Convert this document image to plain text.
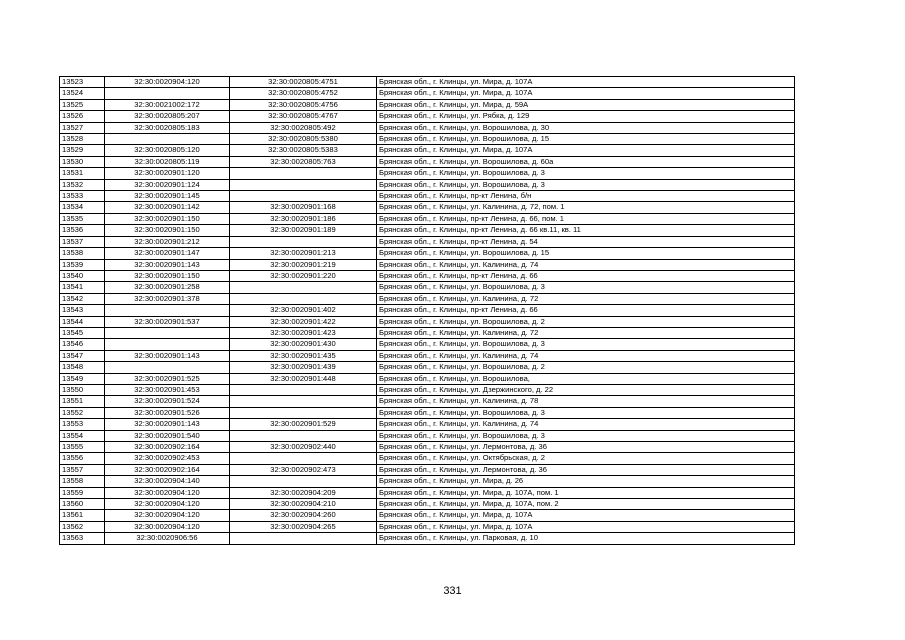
13523	32:30:0020904:120	32:30:0020805:4751	Брянская обл., г. Клинцы, ул. Мира, д. 107А
13524		32:30:0020805:4752	Брянская обл., г. Клинцы, ул. Мира, д. 107А
13525	32:30:0021002:172	32:30:0020805:4756	Брянская обл., г. Клинцы, ул. Мира, д. 59А
13526	32:30:0020805:207	32:30:0020805:4767	Брянская обл., г. Клинцы, ул. Рябка, д. 129
13527	32:30:0020805:183	32:30:0020805:492	Брянская обл., г. Клинцы, ул. Ворошилова, д. 30
13528		32:30:0020805:5380	Брянская обл., г. Клинцы, ул. Ворошилова, д. 15
13529	32:30:0020805:120	32:30:0020805:5383	Брянская обл., г. Клинцы, ул. Мира, д. 107А
13530	32:30:0020805:119	32:30:0020805:763	Брянская обл., г. Клинцы, ул. Ворошилова, д. 60а
13531	32:30:0020901:120		Брянская обл., г. Клинцы, ул. Ворошилова, д. 3
13532	32:30:0020901:124		Брянская обл., г. Клинцы, ул. Ворошилова, д. 3
13533	32:30:0020901:145		Брянская обл., г. Клинцы, пр-кт Ленина, б/н
13534	32:30:0020901:142	32:30:0020901:168	Брянская обл., г. Клинцы, ул. Калинина, д. 72, пом. 1
13535	32:30:0020901:150	32:30:0020901:186	Брянская обл., г. Клинцы, пр-кт Ленина, д. 66, пом. 1
13536	32:30:0020901:150	32:30:0020901:189	Брянская обл., г. Клинцы, пр-кт Ленина, д. 66 кв.11, кв. 11
13537	32:30:0020901:212		Брянская обл., г. Клинцы, пр-кт Ленина, д. 54
13538	32:30:0020901:147	32:30:0020901:213	Брянская обл., г. Клинцы, ул. Ворошилова, д. 15
13539	32:30:0020901:143	32:30:0020901:219	Брянская обл., г. Клинцы, ул. Калинина, д. 74
13540	32:30:0020901:150	32:30:0020901:220	Брянская обл., г. Клинцы, пр-кт Ленина, д. 66
13541	32:30:0020901:258		Брянская обл., г. Клинцы, ул. Ворошилова, д. 3
13542	32:30:0020901:378		Брянская обл., г. Клинцы, ул. Калинина, д. 72
13543		32:30:0020901:402	Брянская обл., г. Клинцы, пр-кт Ленина, д. 66
13544	32:30:0020901:537	32:30:0020901:422	Брянская обл., г. Клинцы, ул. Ворошилова, д. 2
13545		32:30:0020901:423	Брянская обл., г. Клинцы, ул. Калинина, д. 72
13546		32:30:0020901:430	Брянская обл., г. Клинцы, ул. Ворошилова, д. 3
13547	32:30:0020901:143	32:30:0020901:435	Брянская обл., г. Клинцы, ул. Калинина, д. 74
13548		32:30:0020901:439	Брянская обл., г. Клинцы, ул. Ворошилова, д. 2
13549	32:30:0020901:525	32:30:0020901:448	Брянская обл., г. Клинцы, ул. Ворошилова,
13550	32:30:0020901:453		Брянская обл., г. Клинцы, ул. Дзержинского, д. 22
13551	32:30:0020901:524		Брянская обл., г. Клинцы, ул. Калинина, д. 78
13552	32:30:0020901:526		Брянская обл., г. Клинцы, ул. Ворошилова, д. 3
13553	32:30:0020901:143	32:30:0020901:529	Брянская обл., г. Клинцы, ул. Калинина, д. 74
13554	32:30:0020901:540		Брянская обл., г. Клинцы, ул. Ворошилова, д. 3
13555	32:30:0020902:164	32:30:0020902:440	Брянская обл., г. Клинцы, ул. Лермонтова, д. 36
13556	32:30:0020902:453		Брянская обл., г. Клинцы, ул. Октябрьская, д. 2
13557	32:30:0020902:164	32:30:0020902:473	Брянская обл., г. Клинцы, ул. Лермонтова, д. 36
13558	32:30:0020904:140		Брянская обл., г. Клинцы, ул. Мира, д. 26
13559	32:30:0020904:120	32:30:0020904:209	Брянская обл., г. Клинцы, ул. Мира, д. 107А, пом. 1
13560	32:30:0020904:120	32:30:0020904:210	Брянская обл., г. Клинцы, ул. Мира, д. 107А, пом. 2
13561	32:30:0020904:120	32:30:0020904:260	Брянская обл., г. Клинцы, ул. Мира, д. 107А
13562	32:30:0020904:120	32:30:0020904:265	Брянская обл., г. Клинцы, ул. Мира, д. 107А
13563	32:30:0020906:56		Брянская обл., г. Клинцы, ул. Парковая, д. 10
331
